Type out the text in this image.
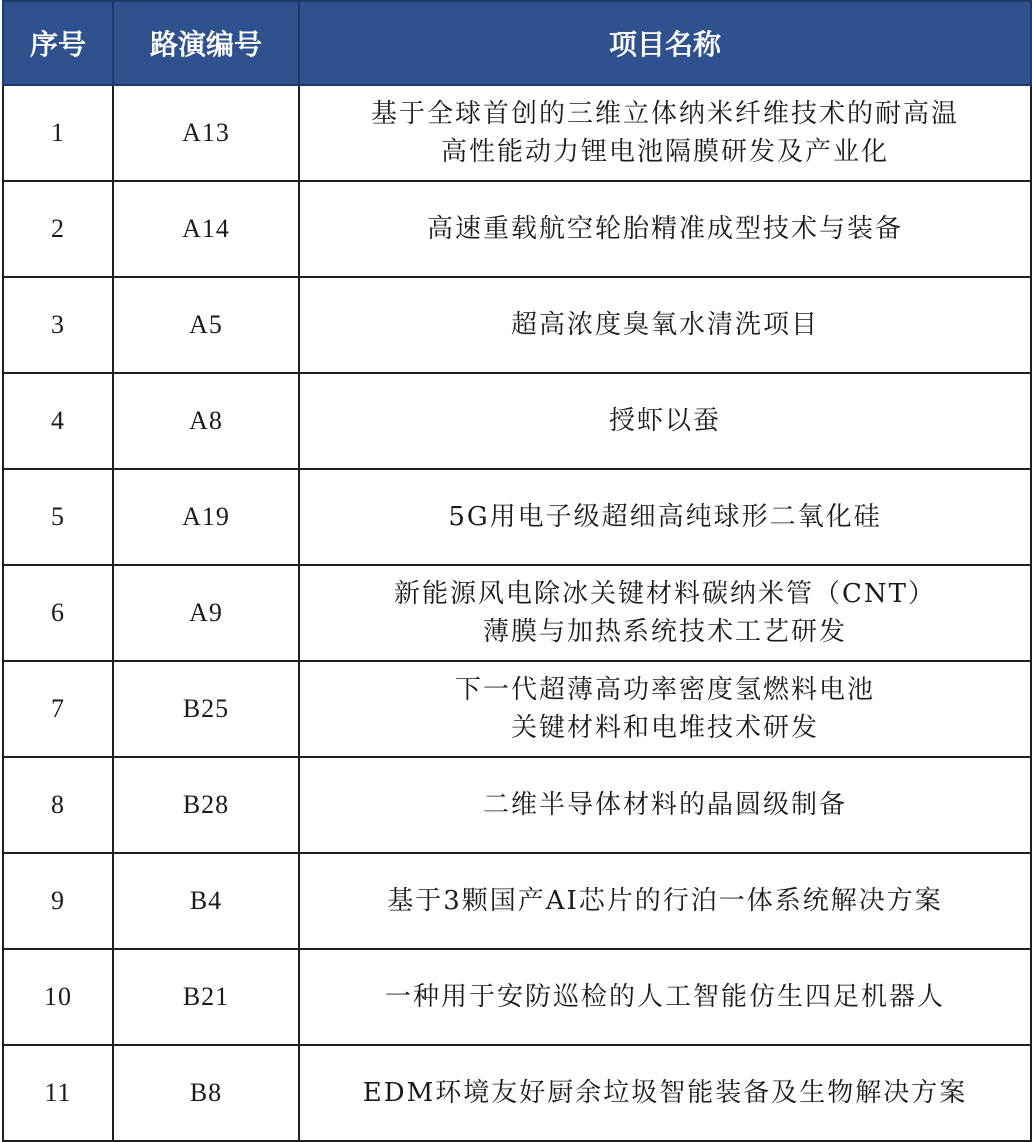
序号	路演编号	项目名称
1	A13	基于全球首创的三维立体纳米纤维技术的耐高温
高性能动力锂电池隔膜研发及产业化

2	A14	高速重载航空轮胎精准成型技术与装备

3	A5	超高浓度臭氧水清洗项目

4	A8	授虾以蚕

5	A19	5G用电子级超细高纯球形二氧化硅

6	A9	新能源风电除冰关键材料碳纳米管（CNT）
薄膜与加热系统技术工艺研发

7	B25	下一代超薄高功率密度氢燃料电池
关键材料和电堆技术研发

8	B28	二维半导体材料的晶圆级制备

9	B4	基于3颗国产AI芯片的行泊一体系统解决方案

10	B21	一种用于安防巡检的人工智能仿生四足机器人

11	B8	EDM环境友好厨余垃圾智能装备及生物解决方案
